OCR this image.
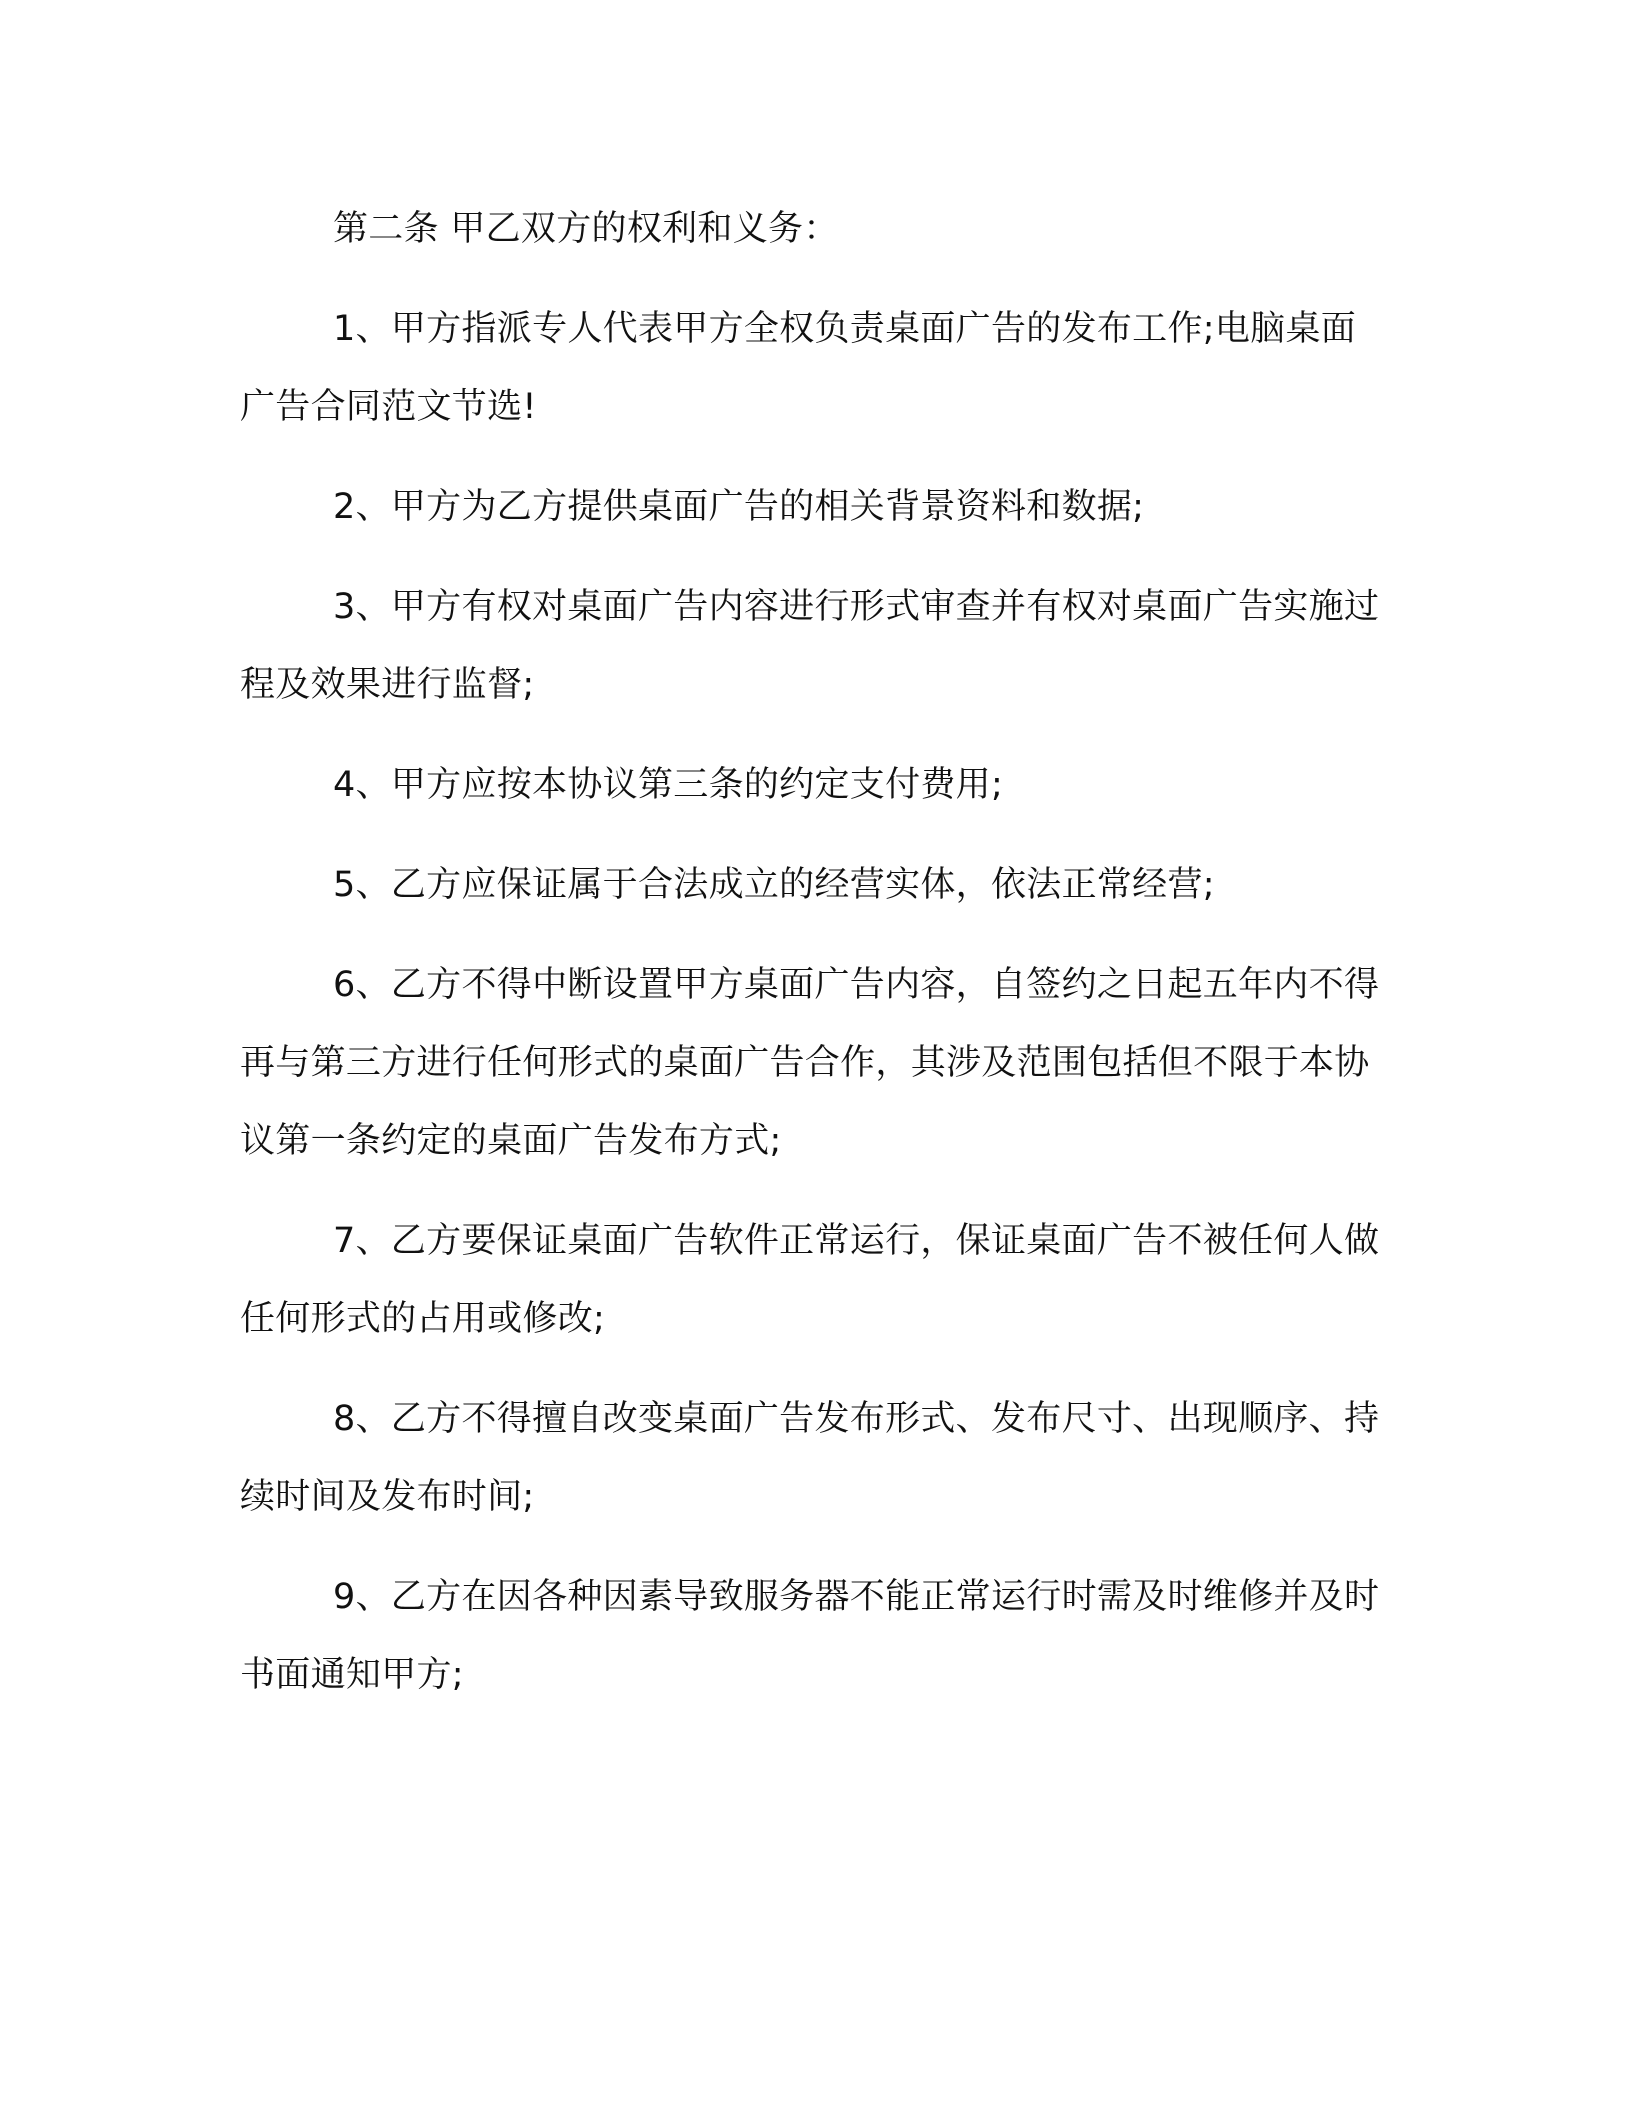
第二条 甲乙双方的权利和义务：

1、甲方指派专人代表甲方全权负责桌面广告的发布工作;电脑桌面广告合同范文节选!

2、甲方为乙方提供桌面广告的相关背景资料和数据;

3、甲方有权对桌面广告内容进行形式审查并有权对桌面广告实施过程及效果进行监督;

4、甲方应按本协议第三条的约定支付费用;

5、乙方应保证属于合法成立的经营实体，依法正常经营;

6、乙方不得中断设置甲方桌面广告内容，自签约之日起五年内不得再与第三方进行任何形式的桌面广告合作，其涉及范围包括但不限于本协议第一条约定的桌面广告发布方式;

7、乙方要保证桌面广告软件正常运行，保证桌面广告不被任何人做任何形式的占用或修改;

8、乙方不得擅自改变桌面广告发布形式、发布尺寸、出现顺序、持续时间及发布时间;

9、乙方在因各种因素导致服务器不能正常运行时需及时维修并及时书面通知甲方;
